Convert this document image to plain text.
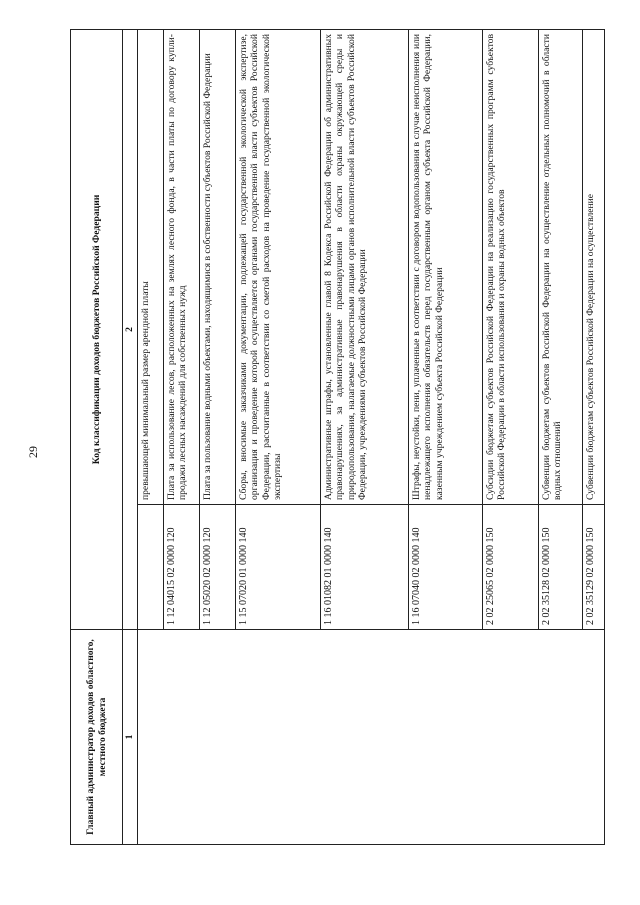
29
Главный администратор доходов областного, местного бюджета	Код классификации доходов бюджетов Российской Федерации	
1	2	
		превышающей минимальный размер арендной платы
	1 12 04015 02 0000 120	Плата за использование лесов, расположенных на землях лесного фонда, в части платы по договору купли-продажи лесных насаждений для собственных нужд
	1 12 05020 02 0000 120	Плата за пользование водными объектами, находящимися в собственности субъектов Российской Федерации
	1 15 07020 01 0000 140	Сборы, вносимые заказчиками документации, подлежащей государственной экологической экспертизе, организация и проведение которой осуществляется органами государственной власти субъектов Российской Федерации, рассчитанные в соответствии со сметой расходов на проведение государственной экологической экспертизы
	1 16 01082 01 0000 140	Административные штрафы, установленные главой 8 Кодекса Российской Федерации об административных правонарушениях, за административные правонарушения в области охраны окружающей среды и природопользования, налагаемые должностными лицами органов исполнительной власти субъектов Российской Федерации, учреждениями субъектов Российской Федерации
	1 16 07040 02 0000 140	Штрафы, неустойки, пени, уплаченные в соответствии с договором водопользования в случае неисполнения или ненадлежащего исполнения обязательств перед государственным органом субъекта Российской Федерации, казенным учреждением субъекта Российской Федерации
	2 02 25065 02 0000 150	Субсидии бюджетам субъектов Российской Федерации на реализацию государственных программ субъектов Российской Федерации в области использования и охраны водных объектов
	2 02 35128 02 0000 150	Субвенции бюджетам субъектов Российской Федерации на осуществление отдельных полномочий в области водных отношений
	2 02 35129 02 0000 150	Субвенции бюджетам субъектов Российской Федерации на осуществление
